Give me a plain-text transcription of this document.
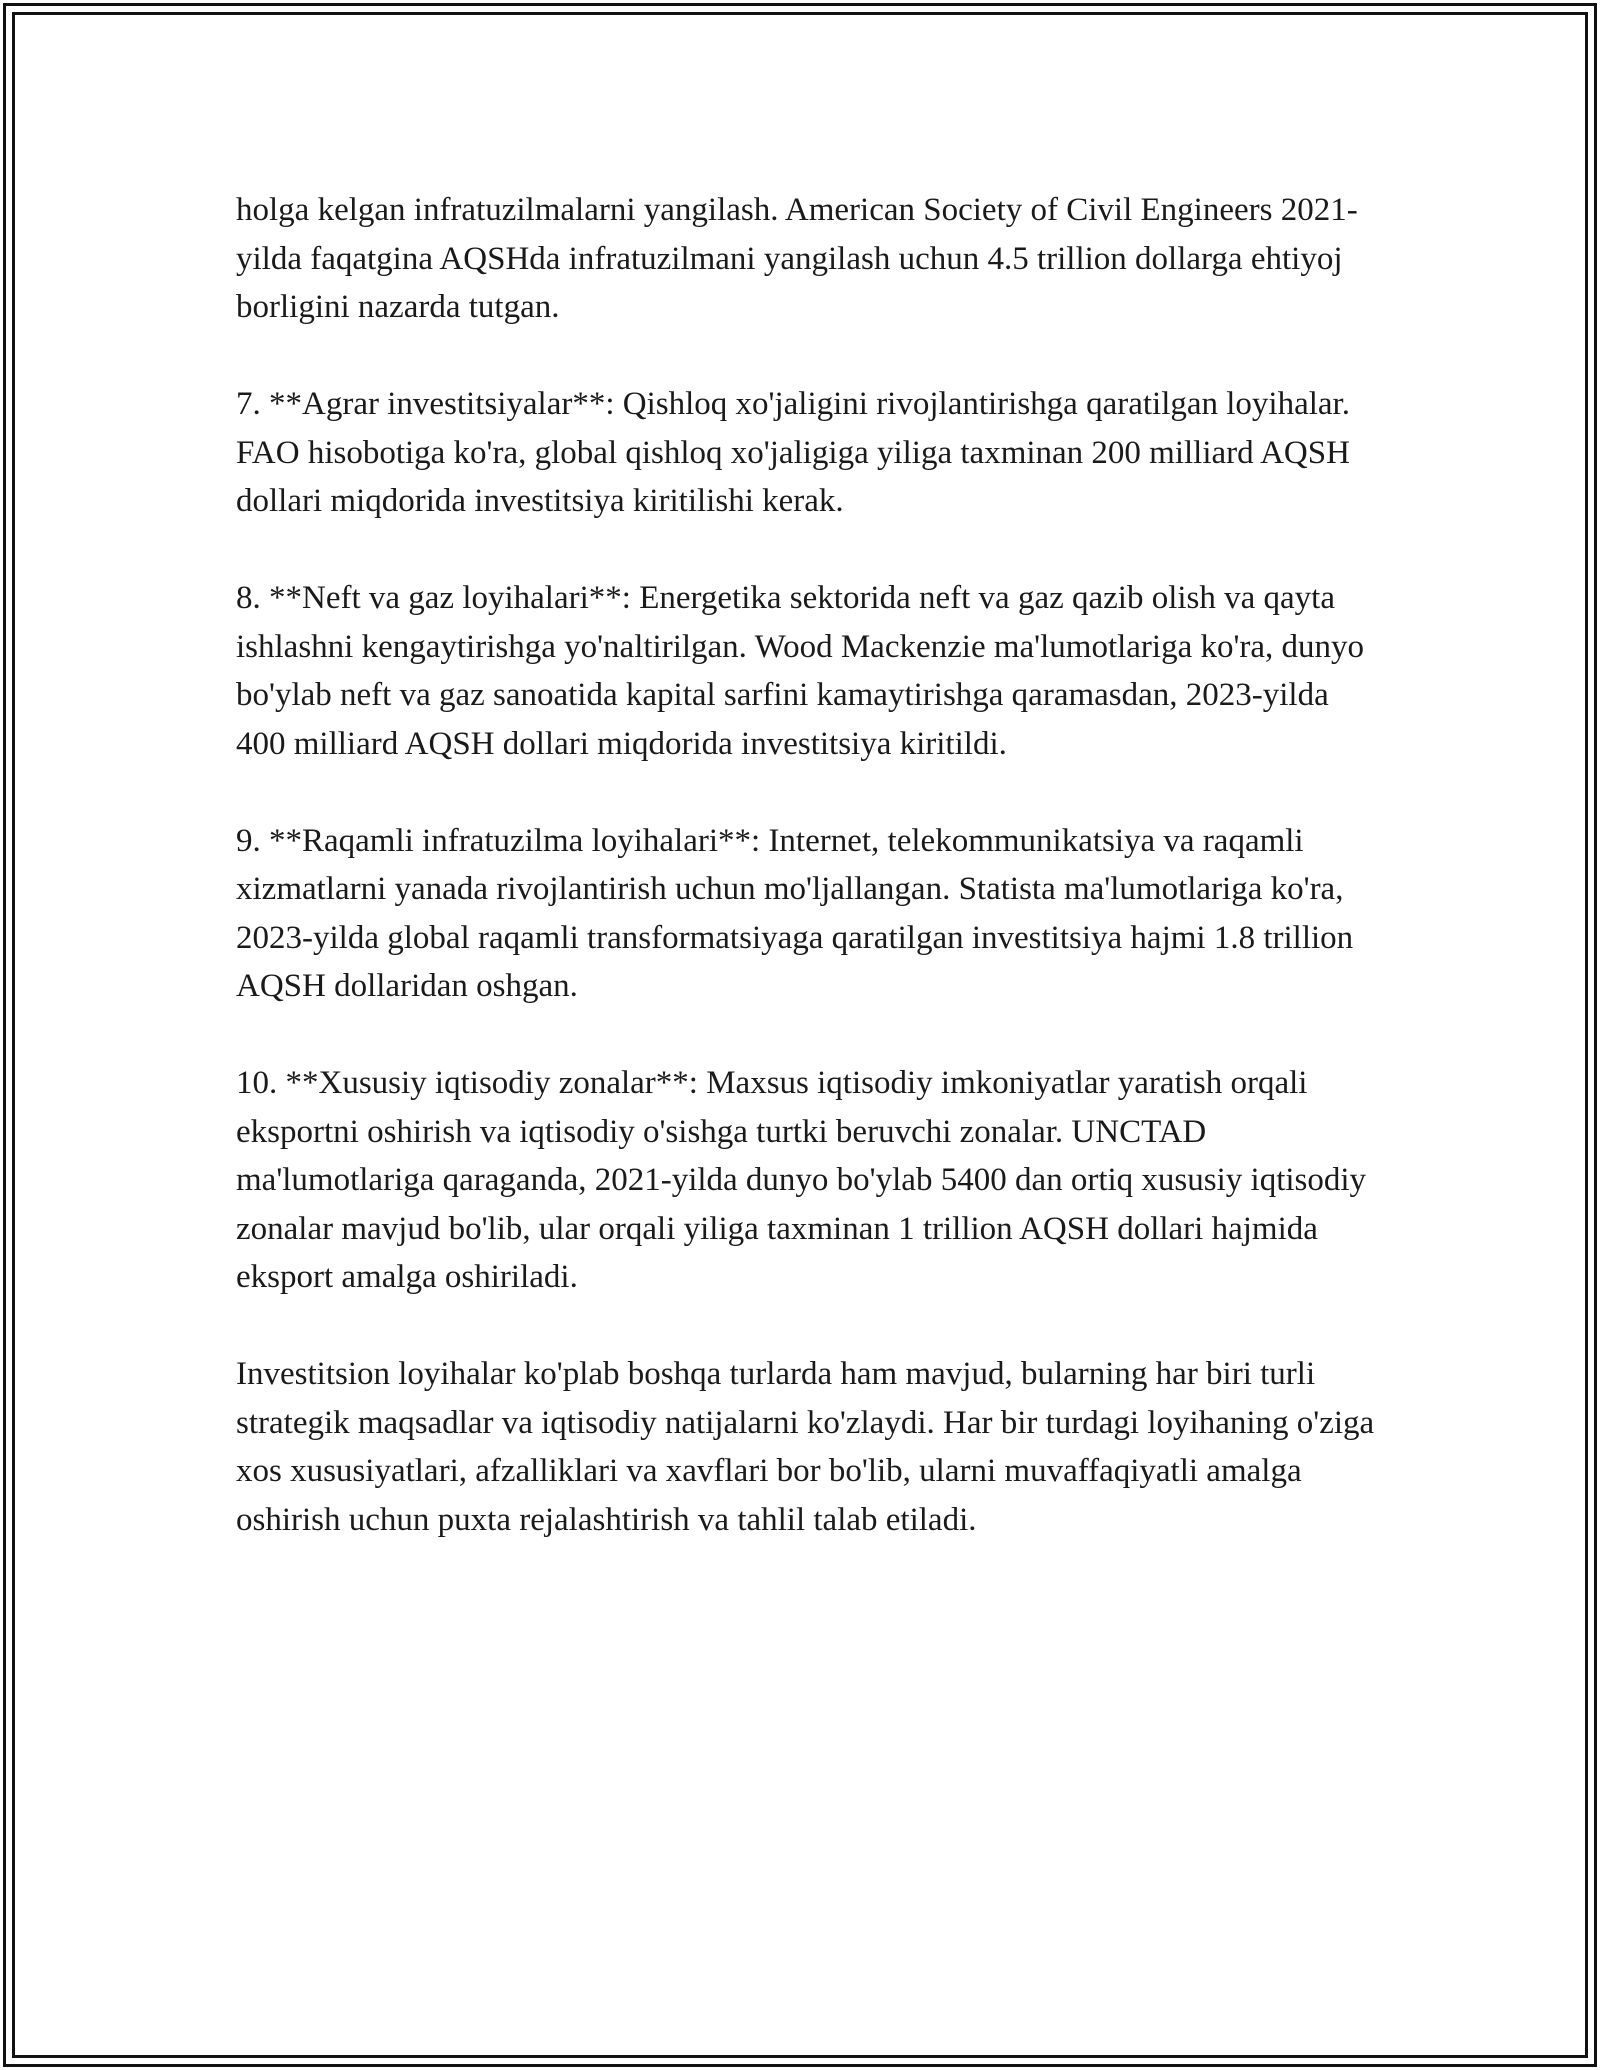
holga kelgan infratuzilmalarni yangilash. American Society of Civil Engineers 2021-yilda faqatgina AQSHda infratuzilmani yangilash uchun 4.5 trillion dollarga ehtiyoj borligini nazarda tutgan.

7. **Agrar investitsiyalar**: Qishloq xo'jaligini rivojlantirishga qaratilgan loyihalar. FAO hisobotiga ko'ra, global qishloq xo'jaligiga yiliga taxminan 200 milliard AQSH dollari miqdorida investitsiya kiritilishi kerak.

8. **Neft va gaz loyihalari**: Energetika sektorida neft va gaz qazib olish va qayta ishlashni kengaytirishga yo'naltirilgan. Wood Mackenzie ma'lumotlariga ko'ra, dunyo bo'ylab neft va gaz sanoatida kapital sarfini kamaytirishga qaramasdan, 2023-yilda 400 milliard AQSH dollari miqdorida investitsiya kiritildi.

9. **Raqamli infratuzilma loyihalari**: Internet, telekommunikatsiya va raqamli xizmatlarni yanada rivojlantirish uchun mo'ljallangan. Statista ma'lumotlariga ko'ra, 2023-yilda global raqamli transformatsiyaga qaratilgan investitsiya hajmi 1.8 trillion AQSH dollaridan oshgan.

10. **Xususiy iqtisodiy zonalar**: Maxsus iqtisodiy imkoniyatlar yaratish orqali eksportni oshirish va iqtisodiy o'sishga turtki beruvchi zonalar. UNCTAD ma'lumotlariga qaraganda, 2021-yilda dunyo bo'ylab 5400 dan ortiq xususiy iqtisodiy zonalar mavjud bo'lib, ular orqali yiliga taxminan 1 trillion AQSH dollari hajmida eksport amalga oshiriladi.

Investitsion loyihalar ko'plab boshqa turlarda ham mavjud, bularning har biri turli strategik maqsadlar va iqtisodiy natijalarni ko'zlaydi. Har bir turdagi loyihaning o'ziga xos xususiyatlari, afzalliklari va xavflari bor bo'lib, ularni muvaffaqiyatli amalga oshirish uchun puxta rejalashtirish va tahlil talab etiladi.
